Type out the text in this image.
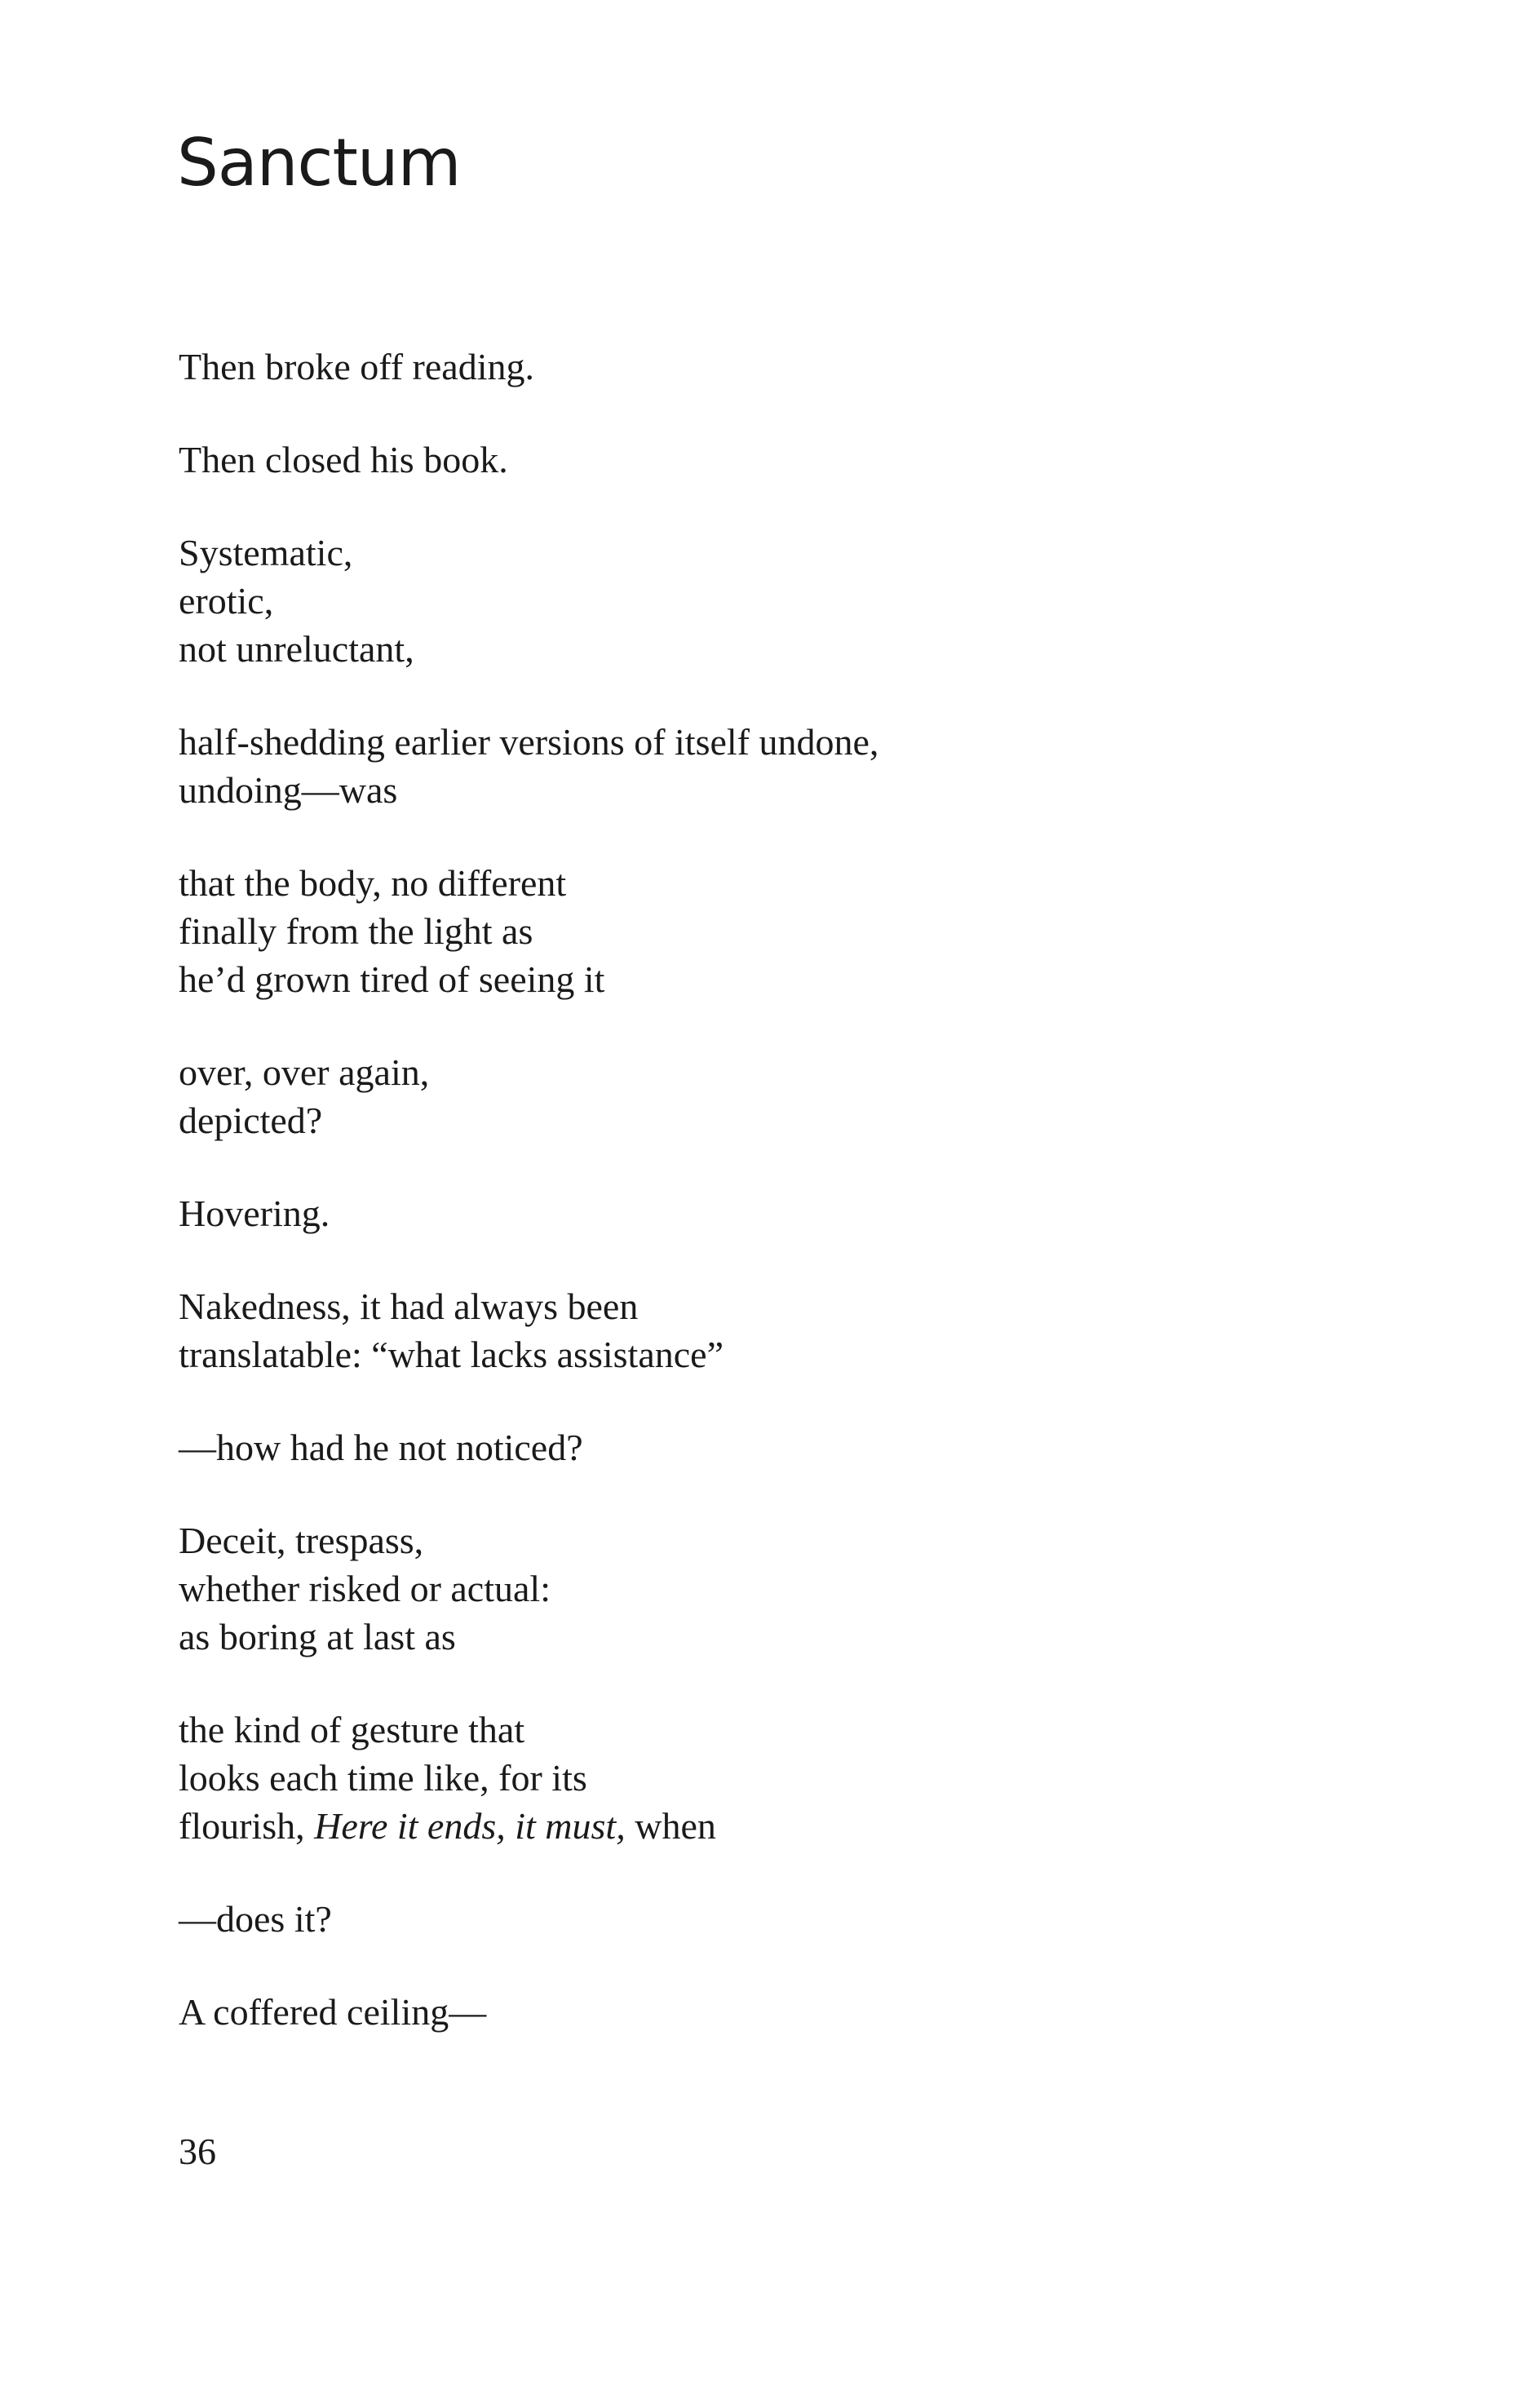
Sanctum

Then broke off reading.

Then closed his book.

Systematic,
erotic,
not unreluctant,

half-shedding earlier versions of itself undone,
undoing—was

that the body, no different
finally from the light as
he’d grown tired of seeing it

over, over again,
depicted?

Hovering.

Nakedness, it had always been
translatable: “what lacks assistance”

—how had he not noticed?

Deceit, trespass,
whether risked or actual:
as boring at last as

the kind of gesture that
looks each time like, for its
flourish, Here it ends, it must, when

—does it?

A coffered ceiling—

36
